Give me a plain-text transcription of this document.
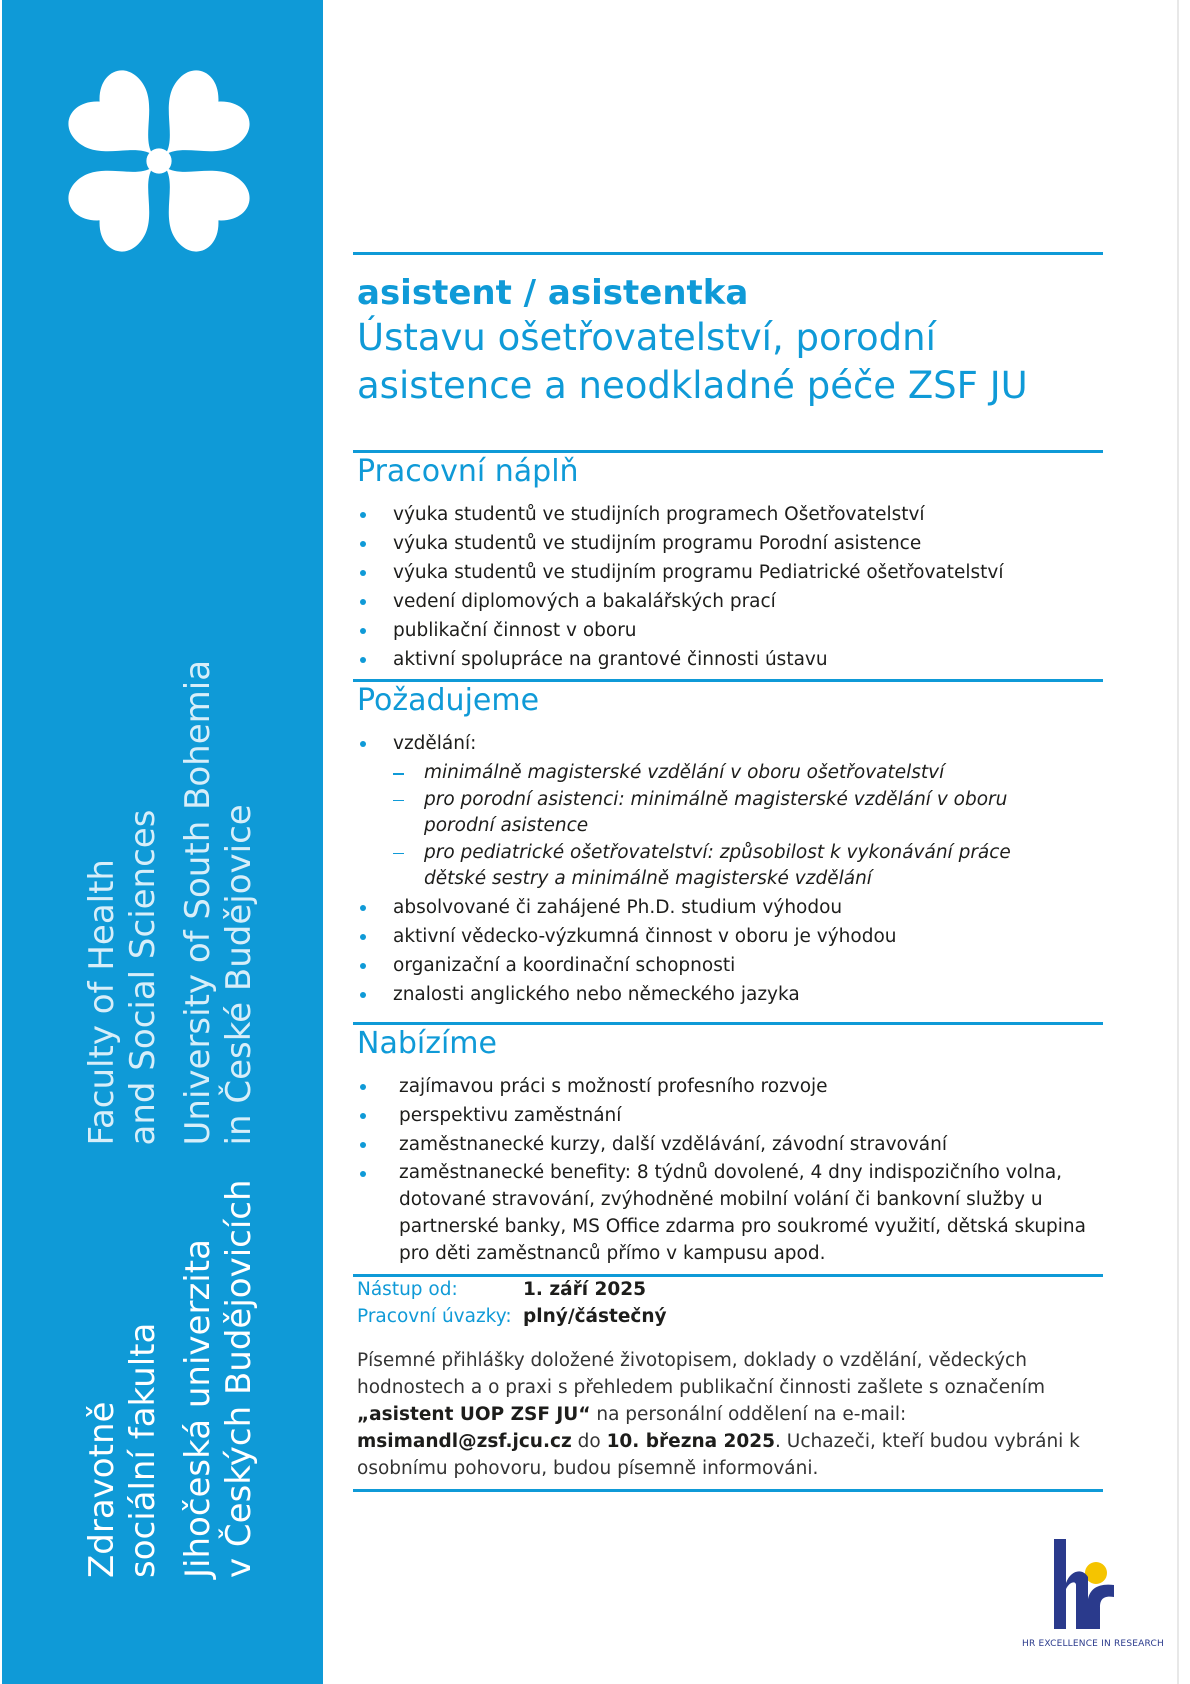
Zdravotně sociální fakulta Jihočeská univerzita v Českých Budějovicích
Faculty of Health and Social Sciences University of South Bohemia in České Budějovice
asistent / asistentka
Ústavu ošetřovatelství, porodní
asistence a neodkladné péče ZSF JU
Pracovní náplň
výuka studentů ve studijních programech Ošetřovatelství
výuka studentů ve studijním programu Porodní asistence
výuka studentů ve studijním programu Pediatrické ošetřovatelství
vedení diplomových a bakalářských prací
publikační činnost v oboru
aktivní spolupráce na grantové činnosti ústavu
Požadujeme
vzdělání:
minimálně magisterské vzdělání v oboru ošetřovatelství
pro porodní asistenci: minimálně magisterské vzdělání v oboru porodní asistence
pro pediatrické ošetřovatelství: způsobilost k vykonávání práce dětské sestry a minimálně magisterské vzdělání
absolvované či zahájené Ph.D. studium výhodou
aktivní vědecko-výzkumná činnost v oboru je výhodou
organizační a koordinační schopnosti
znalosti anglického nebo německého jazyka
Nabízíme
zajímavou práci s možností profesního rozvoje
perspektivu zaměstnání
zaměstnanecké kurzy, další vzdělávání, závodní stravování
zaměstnanecké benefity: 8 týdnů dovolené, 4 dny indispozičního volna, dotované stravování, zvýhodněné mobilní volání či bankovní služby u partnerské banky, MS Office zdarma pro soukromé využití, dětská skupina pro děti zaměstnanců přímo v kampusu apod.
Nástup od:	1. září 2025
Pracovní úvazky: plný/částečný
Písemné přihlášky doložené životopisem, doklady o vzdělání, vědeckých hodnostech a o praxi s přehledem publikační činnosti zašlete s označením „asistent UOP ZSF JU“ na personální oddělení na e-mail: msimandl@zsf.jcu.cz do 10. března 2025. Uchazeči, kteří budou vybráni k osobnímu pohovoru, budou písemně informováni.
HR EXCELLENCE IN RESEARCH
